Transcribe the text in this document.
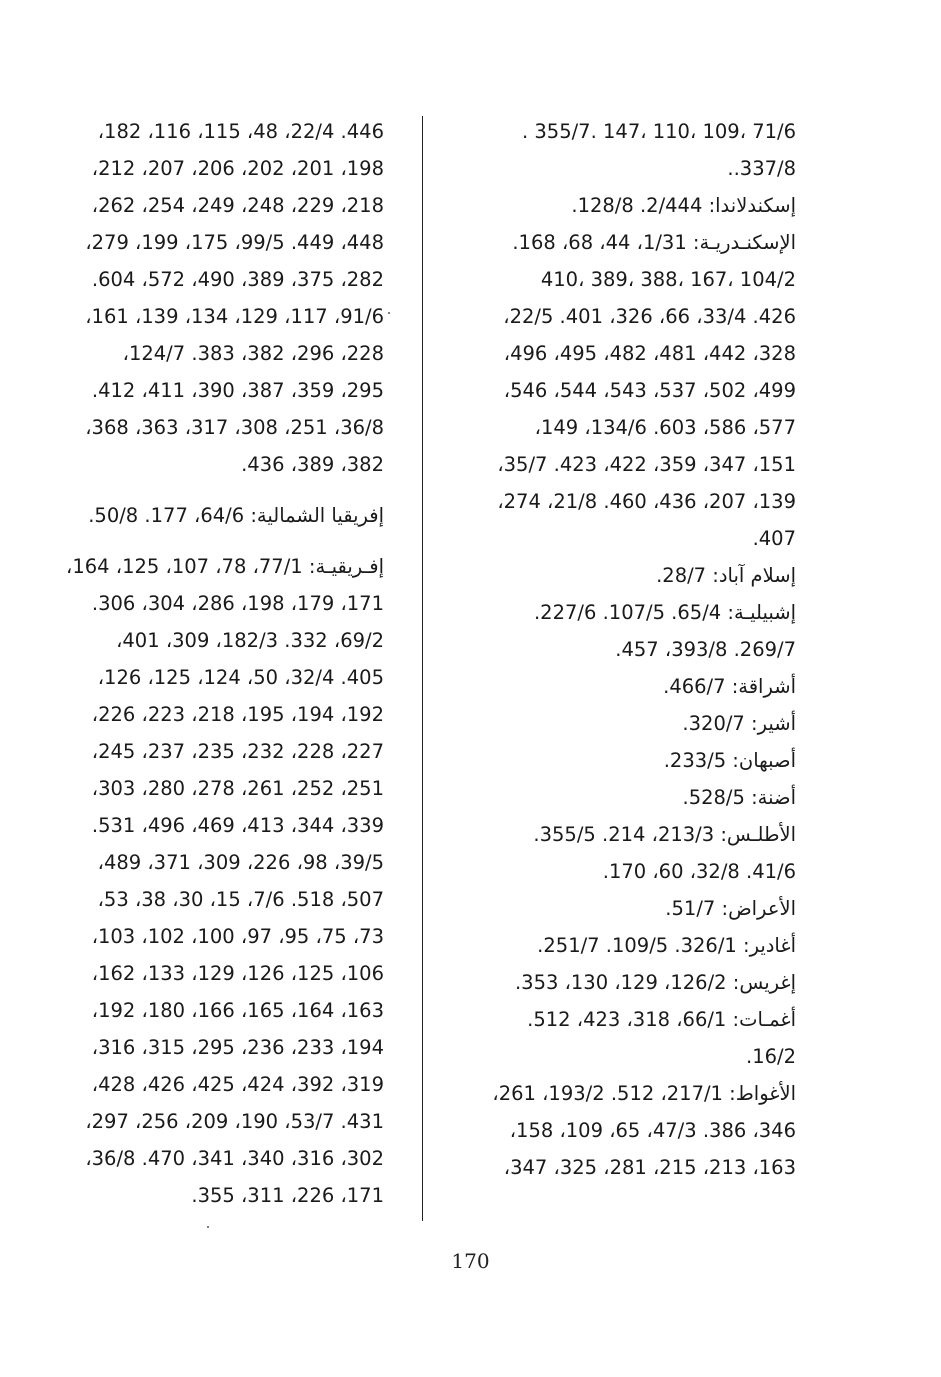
71/6 ،109 ،110 ،147 .355/7 .
337/8..
إسكندلاندا: 2/444. 128/8.
الإسكنـدريـة: 1/31، 44، 68، 168.
104/2 ،167 ،388 ،389 ،410
426. 33/4، 66، 326، 401. 22/5،
328، 442، 481، 482، 495، 496،
499، 502، 537، 543، 544، 546،
577، 586، 603. 134/6، 149،
151، 347، 359، 422، 423. 35/7،
139، 207، 436، 460. 21/8، 274،
407.
إسلام آباد: 28/7.
إشبيليـة: 65/4. 107/5. 227/6.
269/7. 393/8، 457.
أشراقة: 466/7.
أشير: 320/7.
أصبهان: 233/5.
أضنة: 528/5.
الأطلـس: 213/3، 214. 355/5.
41/6. 32/8، 60، 170.
الأعراض: 51/7.
أغادير: 326/1. 109/5. 251/7.
إغريس: 126/2، 129، 130، 353.
أغمـات: 66/1، 318، 423، 512.
16/2.
الأغواط: 217/1، 512. 193/2، 261،
346، 386. 47/3، 65، 109، 158،
163، 213، 215، 281، 325، 347،
446. 22/4، 48، 115، 116، 182،
198، 201، 202، 206، 207، 212،
218، 229، 248، 249، 254، 262،
448، 449. 99/5، 175، 199، 279،
282، 375، 389، 490، 572، 604.
91/6، 117، 129، 134، 139، 161،
228، 296، 382، 383. 124/7،
295، 359، 387، 390، 411، 412.
36/8، 251، 308، 317، 363، 368،
382، 389، 436.
إفريقيا الشمالية: 64/6، 177. 50/8.
إفـريقيـة: 77/1، 78، 107، 125، 164،
171، 179، 198، 286، 304، 306.
69/2، 332. 182/3، 309، 401،
405. 32/4، 50، 124، 125، 126،
192، 194، 195، 218، 223، 226،
227، 228، 232، 235، 237، 245،
251، 252، 261، 278، 280، 303،
339، 344، 413، 469، 496، 531.
39/5، 98، 226، 309، 371، 489،
507، 518. 7/6، 15، 30، 38، 53،
73، 75، 95، 97، 100، 102، 103،
106، 125، 126، 129، 133، 162،
163، 164، 165، 166، 180، 192،
194، 233، 236، 295، 315، 316،
319، 392، 424، 425، 426، 428،
431. 53/7، 190، 209، 256، 297،
302، 316، 340، 341، 470. 36/8،
171، 226، 311، 355.
170
